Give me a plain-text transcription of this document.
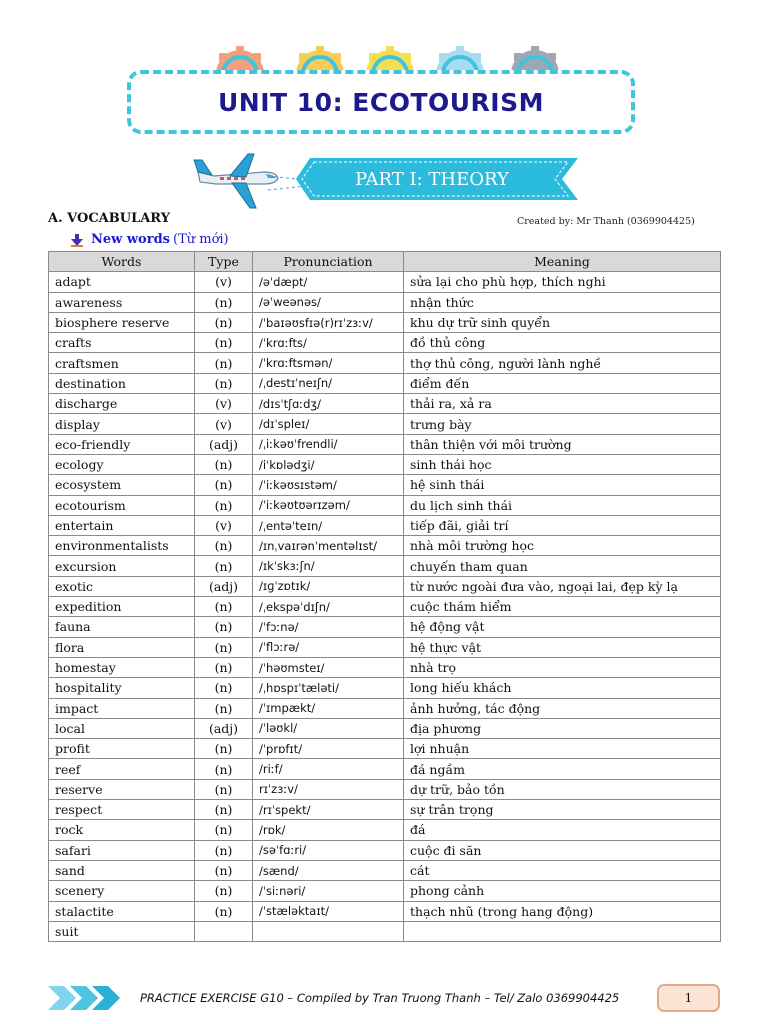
UNIT 10: ECOTOURISM
PART I: THEORY
A. VOCABULARY	Created by: Mr Thanh (0369904425)
New words (Từ mới)
Words	Type	Pronunciation	Meaning
adapt	(v)	/əˈdæpt/	sửa lại cho phù hợp, thích nghi
awareness	(n)	/əˈweənəs/	nhận thức
biosphere reserve	(n)	/ˈbaɪəʊsfɪə(r)rɪˈzɜːv/	khu dự trữ sinh quyển
crafts	(n)	/ˈkrɑːfts/	đồ thủ công
craftsmen	(n)	/ˈkrɑːftsmən/	thợ thủ công, người lành nghề
destination	(n)	/ˌdestɪˈneɪʃn/	điểm đến
discharge	(v)	/dɪsˈtʃɑːdʒ/	thải ra, xả ra
display	(v)	/dɪˈspleɪ/	trưng bày
eco-friendly	(adj)	/ˌiːkəʊˈfrendli/	thân thiện với môi trường
ecology	(n)	/iˈkɒlədʒi/	sinh thái học
ecosystem	(n)	/ˈiːkəʊsɪstəm/	hệ sinh thái
ecotourism	(n)	/ˈiːkəʊtʊərɪzəm/	du lịch sinh thái
entertain	(v)	/ˌentəˈteɪn/	tiếp đãi, giải trí
environmentalists	(n)	/ɪnˌvaɪrənˈmentəlɪst/	nhà môi trường học
excursion	(n)	/ɪkˈskɜːʃn/	chuyến tham quan
exotic	(adj)	/ɪɡˈzɒtɪk/	từ nước ngoài đưa vào, ngoại lai, đẹp kỳ lạ
expedition	(n)	/ˌekspəˈdɪʃn/	cuộc thám hiểm
fauna	(n)	/ˈfɔːnə/	hệ động vật
flora	(n)	/ˈflɔːrə/	hệ thực vật
homestay	(n)	/ˈhəʊmsteɪ/	nhà trọ
hospitality	(n)	/ˌhɒspɪˈtæləti/	long hiếu khách
impact	(n)	/ˈɪmpækt/	ảnh hưởng, tác động
local	(adj)	/ˈləʊkl/	địa phương
profit	(n)	/ˈprɒfɪt/	lợi nhuận
reef	(n)	/riːf/	đá ngầm
reserve	(n)	rɪˈzɜːv/	dự trữ, bảo tồn
respect	(n)	/rɪˈspekt/	sự trân trọng
rock	(n)	/rɒk/	đá
safari	(n)	/səˈfɑːri/	cuộc đi săn
sand	(n)	/sænd/	cát
scenery	(n)	/ˈsiːnəri/	phong cảnh
stalactite	(n)	/ˈstæləktaɪt/	thạch nhũ (trong hang động)
suit			
PRACTICE EXERCISE G10 – Compiled by Tran Truong Thanh – Tel/ Zalo 0369904425	1
